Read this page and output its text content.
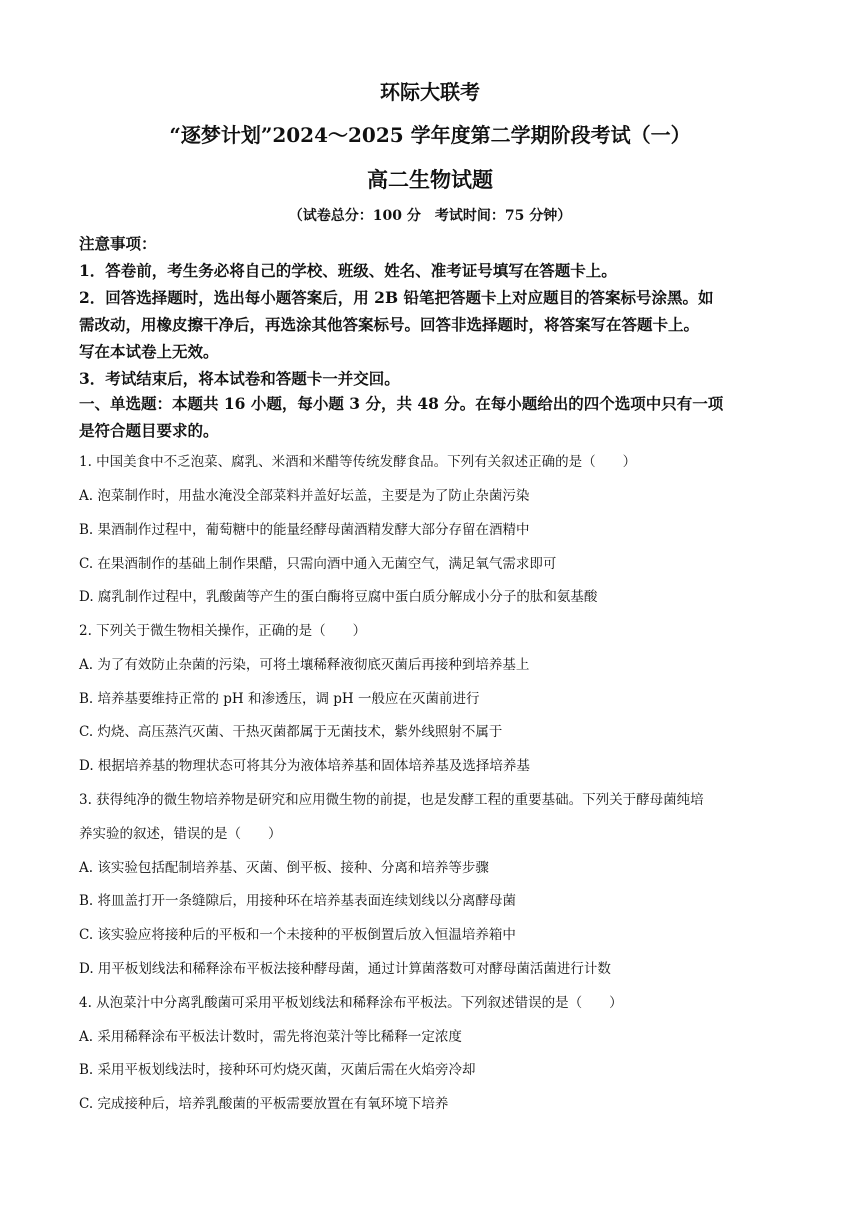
环际大联考
“逐梦计划”2024～2025 学年度第二学期阶段考试（一）
高二生物试题
（试卷总分：100 分　考试时间：75 分钟）
注意事项：
1．答卷前，考生务必将自己的学校、班级、姓名、准考证号填写在答题卡上。
2．回答选择题时，选出每小题答案后，用 2B 铅笔把答题卡上对应题目的答案标号涂黑。如
需改动，用橡皮擦干净后，再选涂其他答案标号。回答非选择题时，将答案写在答题卡上。
写在本试卷上无效。
3．考试结束后，将本试卷和答题卡一并交回。
一、单选题：本题共 16 小题，每小题 3 分，共 48 分。在每小题给出的四个选项中只有一项
是符合题目要求的。
1. 中国美食中不乏泡菜、腐乳、米酒和米醋等传统发酵食品。下列有关叙述正确的是（　　）
A. 泡菜制作时，用盐水淹没全部菜料并盖好坛盖，主要是为了防止杂菌污染
B. 果酒制作过程中，葡萄糖中的能量经酵母菌酒精发酵大部分存留在酒精中
C. 在果酒制作的基础上制作果醋，只需向酒中通入无菌空气，满足氧气需求即可
D. 腐乳制作过程中，乳酸菌等产生的蛋白酶将豆腐中蛋白质分解成小分子的肽和氨基酸
2. 下列关于微生物相关操作，正确的是（　　）
A. 为了有效防止杂菌的污染，可将土壤稀释液彻底灭菌后再接种到培养基上
B. 培养基要维持正常的 pH 和渗透压，调 pH 一般应在灭菌前进行
C. 灼烧、高压蒸汽灭菌、干热灭菌都属于无菌技术，紫外线照射不属于
D. 根据培养基的物理状态可将其分为液体培养基和固体培养基及选择培养基
3. 获得纯净的微生物培养物是研究和应用微生物的前提，也是发酵工程的重要基础。下列关于酵母菌纯培
养实验的叙述，错误的是（　　）
A. 该实验包括配制培养基、灭菌、倒平板、接种、分离和培养等步骤
B. 将皿盖打开一条缝隙后，用接种环在培养基表面连续划线以分离酵母菌
C. 该实验应将接种后的平板和一个未接种的平板倒置后放入恒温培养箱中
D. 用平板划线法和稀释涂布平板法接种酵母菌，通过计算菌落数可对酵母菌活菌进行计数
4. 从泡菜汁中分离乳酸菌可采用平板划线法和稀释涂布平板法。下列叙述错误的是（　　）
A. 采用稀释涂布平板法计数时，需先将泡菜汁等比稀释一定浓度
B. 采用平板划线法时，接种环可灼烧灭菌，灭菌后需在火焰旁冷却
C. 完成接种后，培养乳酸菌的平板需要放置在有氧环境下培养
